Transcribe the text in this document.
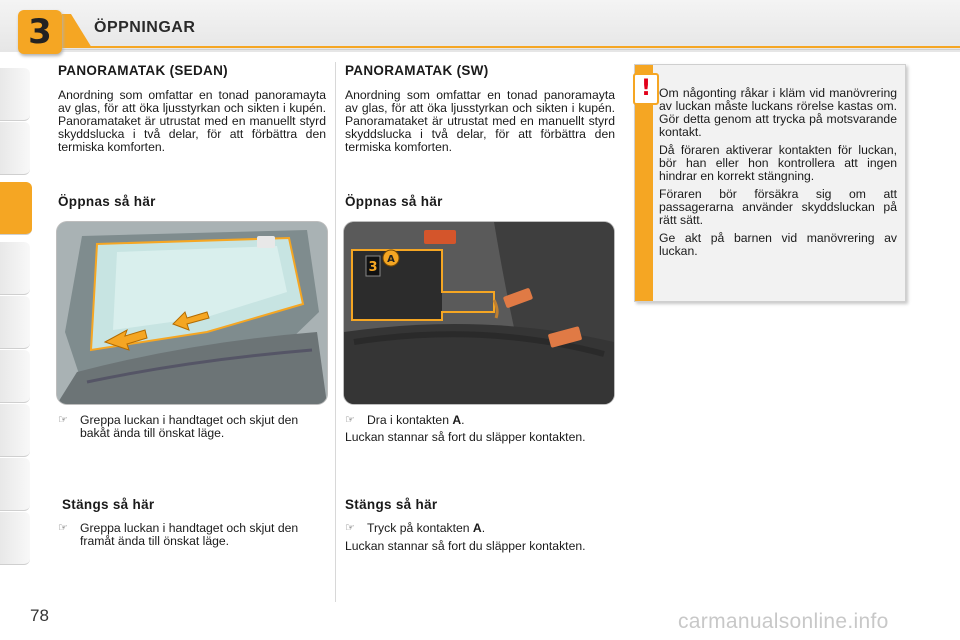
3	ÖPPNINGAR
PANORAMATAK (SEDAN)

Anordning som omfattar en tonad panoramayta av glas, för att öka ljusstyrkan och sikten i kupén. Panoramataket är utrustat med en manuellt styrd skyddslucka i två delar, för att förbättra den termiska komforten.

Öppnas så här
☞ Greppa luckan i handtaget och skjut den bakåt ända till önskat läge.
Stängs så här
☞ Greppa luckan i handtaget och skjut den framåt ända till önskat läge.
PANORAMATAK (SW)

Anordning som omfattar en tonad panoramayta av glas, för att öka ljusstyrkan och sikten i kupén. Panoramataket är utrustat med en manuellt styrd skyddslucka i två delar, för att förbättra den termiska komforten.

Öppnas så här
3
A
☞ Dra i kontakten A.

Luckan stannar så fort du släpper kontakten.

Stängs så här
☞ Tryck på kontakten A.

Luckan stannar så fort du släpper kontakten.

! Om någonting råkar i kläm vid manövrering av luckan måste luckans rörelse kastas om. Gör detta genom att trycka på motsvarande kontakt.

Då föraren aktiverar kontakten för luckan, bör han eller hon kontrollera att ingen hindrar en korrekt stängning.

Föraren bör försäkra sig om att passagerarna använder skyddsluckan på rätt sätt.

Ge akt på barnen vid manövrering av luckan.

78	carmanualsonline.info
